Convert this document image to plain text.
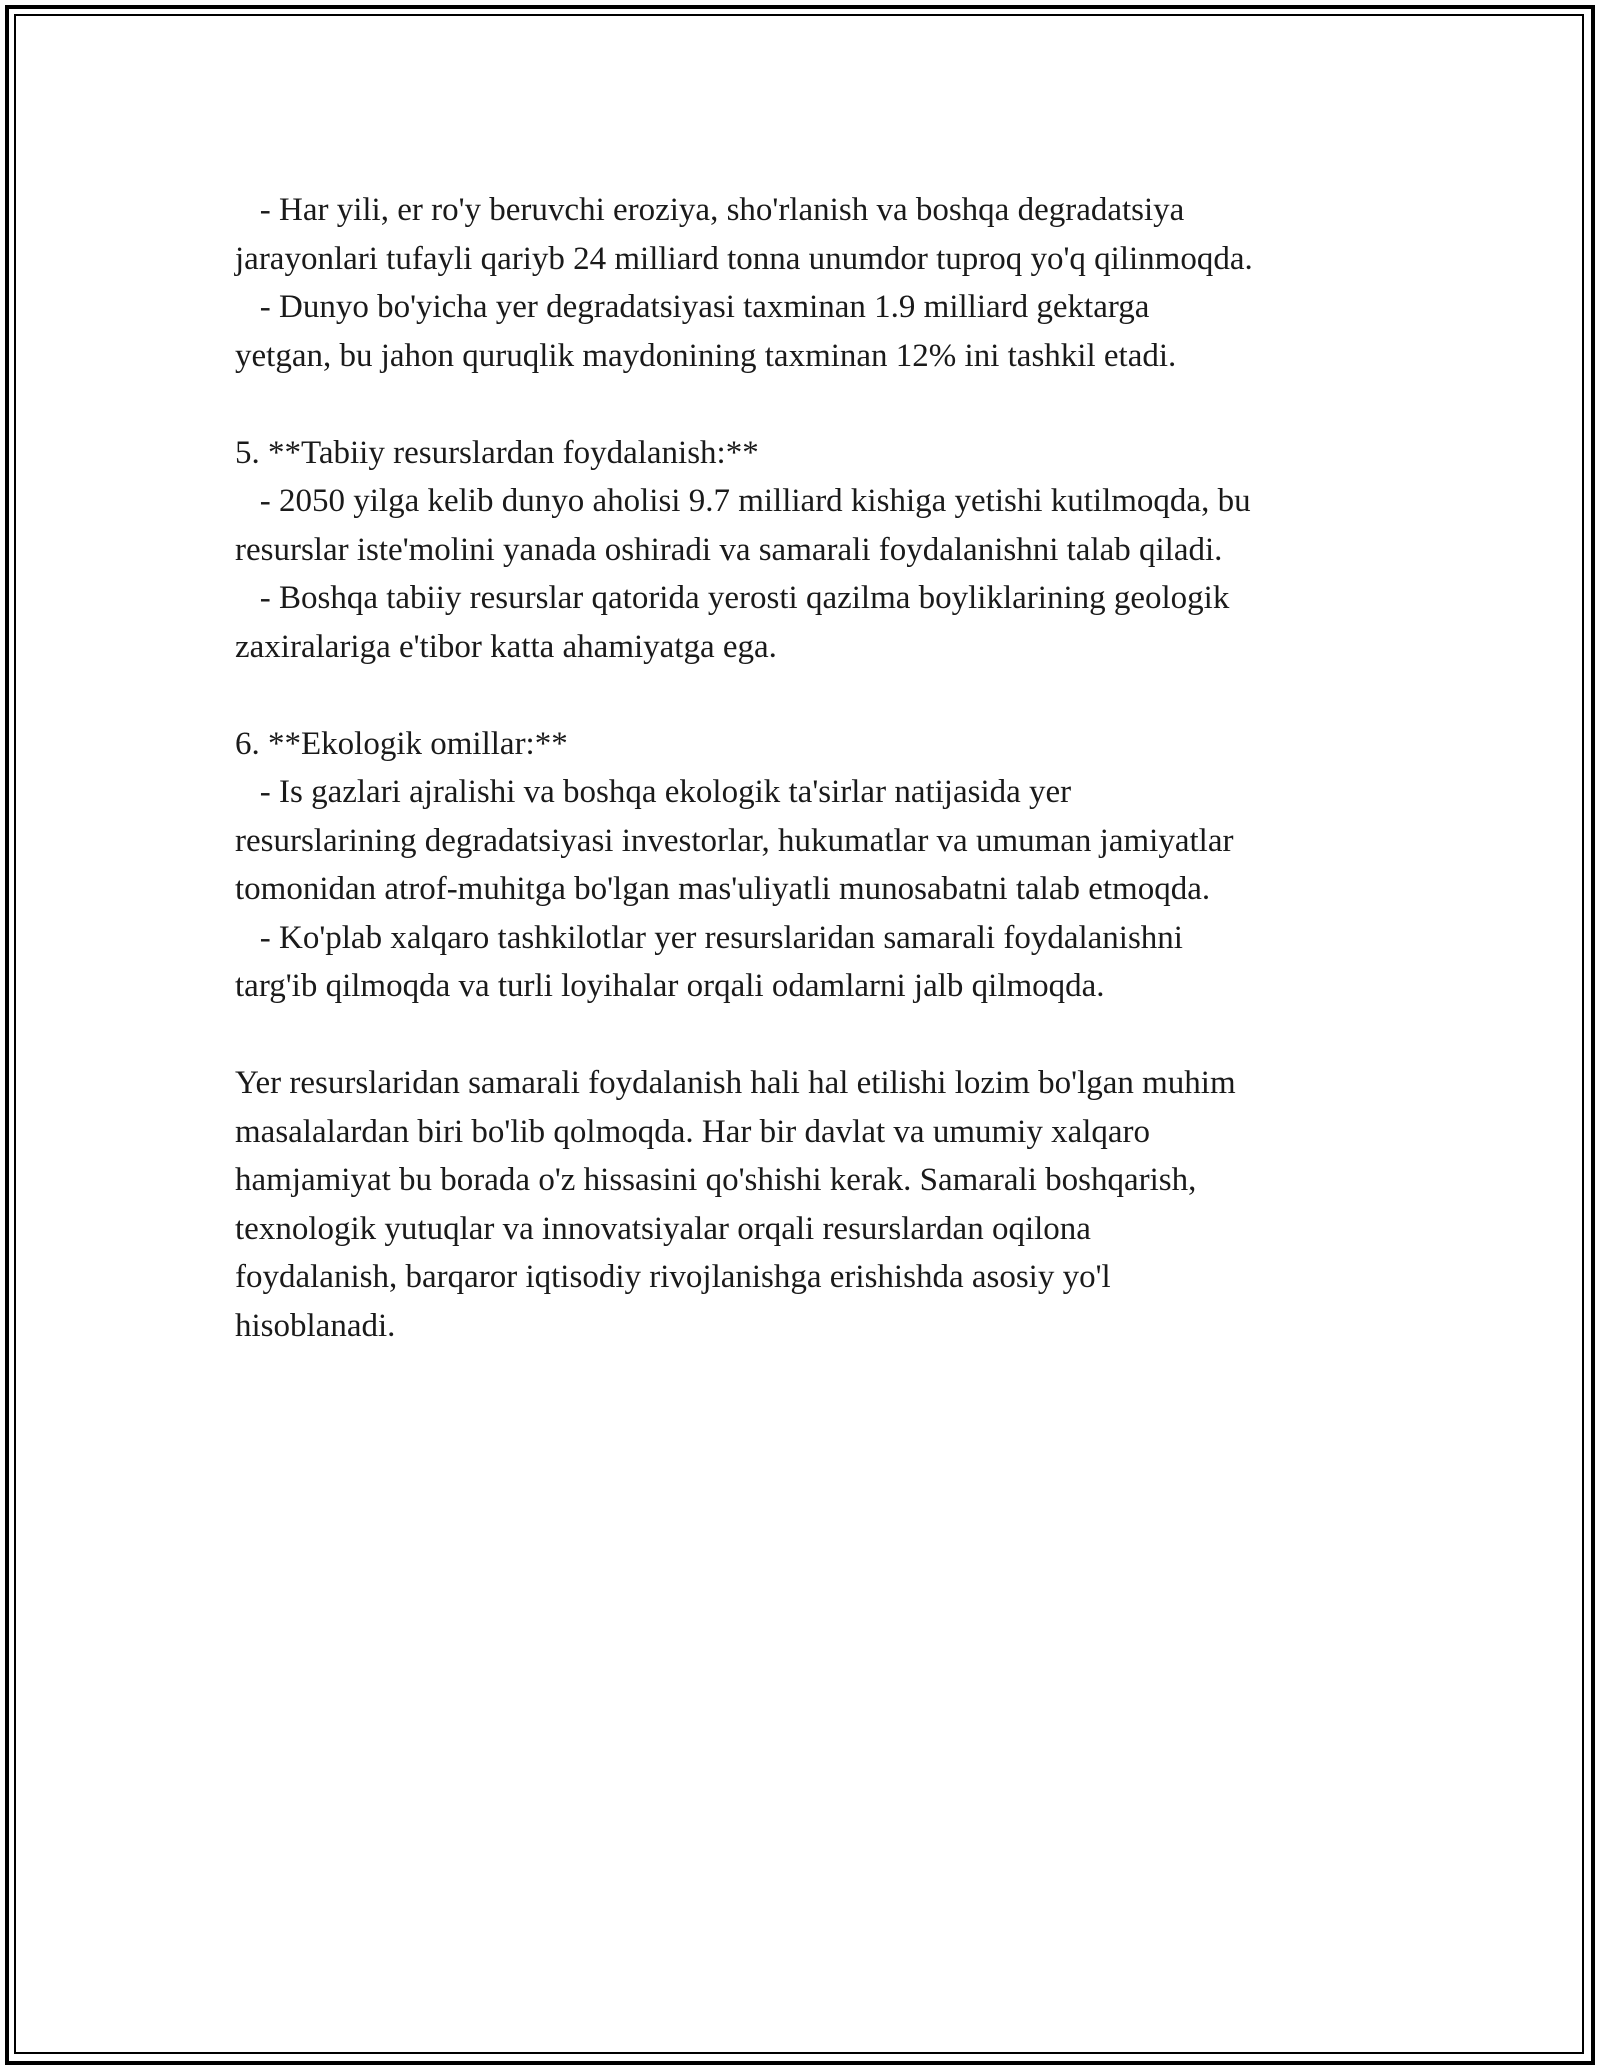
- Har yili, er ro'y beruvchi eroziya, sho'rlanish va boshqa degradatsiya
jarayonlari tufayli qariyb 24 milliard tonna unumdor tuproq yo'q qilinmoqda.
- Dunyo bo'yicha yer degradatsiyasi taxminan 1.9 milliard gektarga
yetgan, bu jahon quruqlik maydonining taxminan 12% ini tashkil etadi.
5. **Tabiiy resurslardan foydalanish:**
- 2050 yilga kelib dunyo aholisi 9.7 milliard kishiga yetishi kutilmoqda, bu
resurslar iste'molini yanada oshiradi va samarali foydalanishni talab qiladi.
- Boshqa tabiiy resurslar qatorida yerosti qazilma boyliklarining geologik
zaxiralariga e'tibor katta ahamiyatga ega.
6. **Ekologik omillar:**
- Is gazlari ajralishi va boshqa ekologik ta'sirlar natijasida yer
resurslarining degradatsiyasi investorlar, hukumatlar va umuman jamiyatlar
tomonidan atrof-muhitga bo'lgan mas'uliyatli munosabatni talab etmoqda.
- Ko'plab xalqaro tashkilotlar yer resurslaridan samarali foydalanishni
targ'ib qilmoqda va turli loyihalar orqali odamlarni jalb qilmoqda.
Yer resurslaridan samarali foydalanish hali hal etilishi lozim bo'lgan muhim
masalalardan biri bo'lib qolmoqda. Har bir davlat va umumiy xalqaro
hamjamiyat bu borada o'z hissasini qo'shishi kerak. Samarali boshqarish,
texnologik yutuqlar va innovatsiyalar orqali resurslardan oqilona
foydalanish, barqaror iqtisodiy rivojlanishga erishishda asosiy yo'l
hisoblanadi.
